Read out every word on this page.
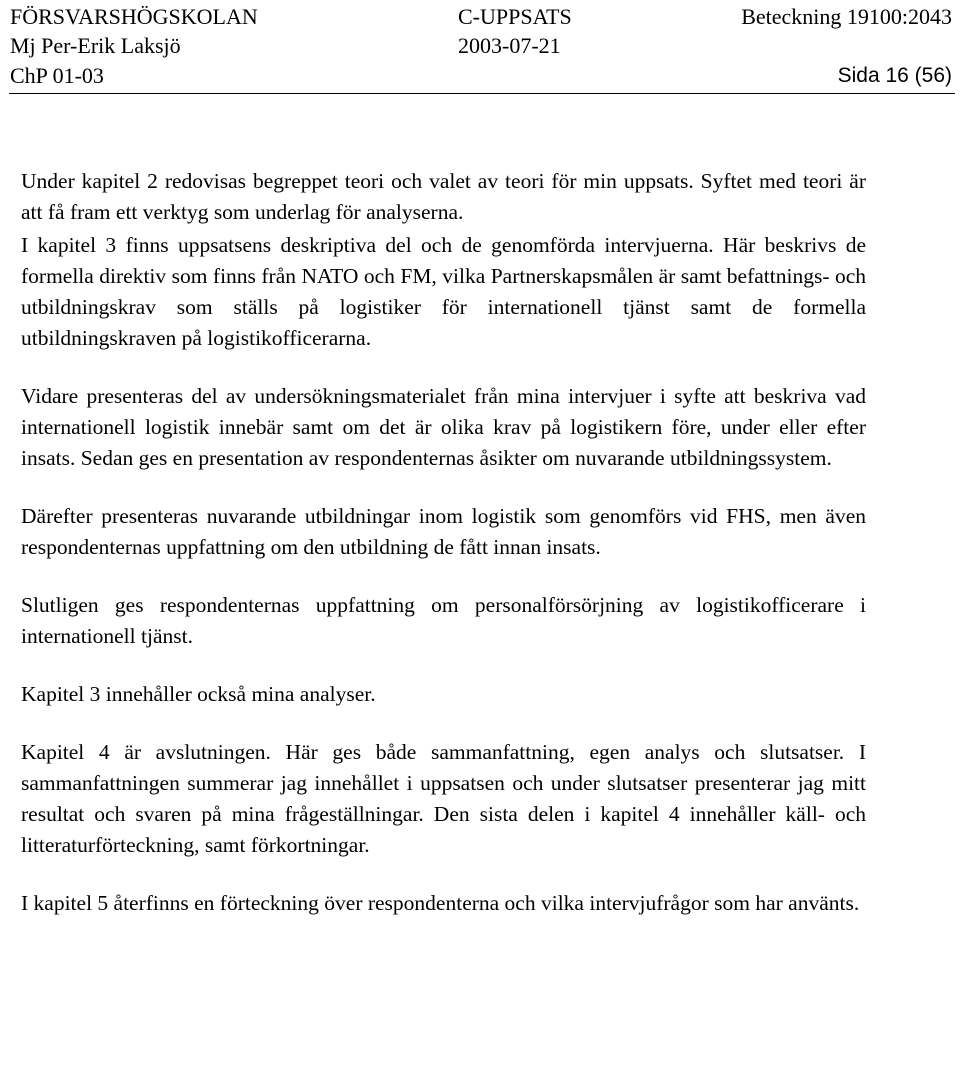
FÖRSVARSHÖGSKOLAN	C-UPPSATS	Beteckning 19100:2043
Mj Per-Erik Laksjö	2003-07-21
ChP 01-03	Sida 16 (56)

Under kapitel 2 redovisas begreppet teori och valet av teori för min uppsats. Syftet med teori är att få fram ett verktyg som underlag för analyserna.

I kapitel 3 finns uppsatsens deskriptiva del och de genomförda intervjuerna. Här beskrivs de formella direktiv som finns från NATO och FM, vilka Partnerskapsmålen är samt befattnings- och utbildningskrav som ställs på logistiker för internationell tjänst samt de formella utbildningskraven på logistikofficerarna.

Vidare presenteras del av undersökningsmaterialet från mina intervjuer i syfte att beskriva vad internationell logistik innebär samt om det är olika krav på logistikern före, under eller efter insats. Sedan ges en presentation av respondenternas åsikter om nuvarande utbildningssystem.

Därefter presenteras nuvarande utbildningar inom logistik som genomförs vid FHS, men även respondenternas uppfattning om den utbildning de fått innan insats.

Slutligen ges respondenternas uppfattning om personalförsörjning av logistikofficerare i internationell tjänst.

Kapitel 3 innehåller också mina analyser.

Kapitel 4 är avslutningen. Här ges både sammanfattning, egen analys och slutsatser. I sammanfattningen summerar jag innehållet i uppsatsen och under slutsatser presenterar jag mitt resultat och svaren på mina frågeställningar. Den sista delen i kapitel 4 innehåller käll- och litteraturförteckning, samt förkortningar.

I kapitel 5 återfinns en förteckning över respondenterna och vilka intervjufrågor som har använts.
